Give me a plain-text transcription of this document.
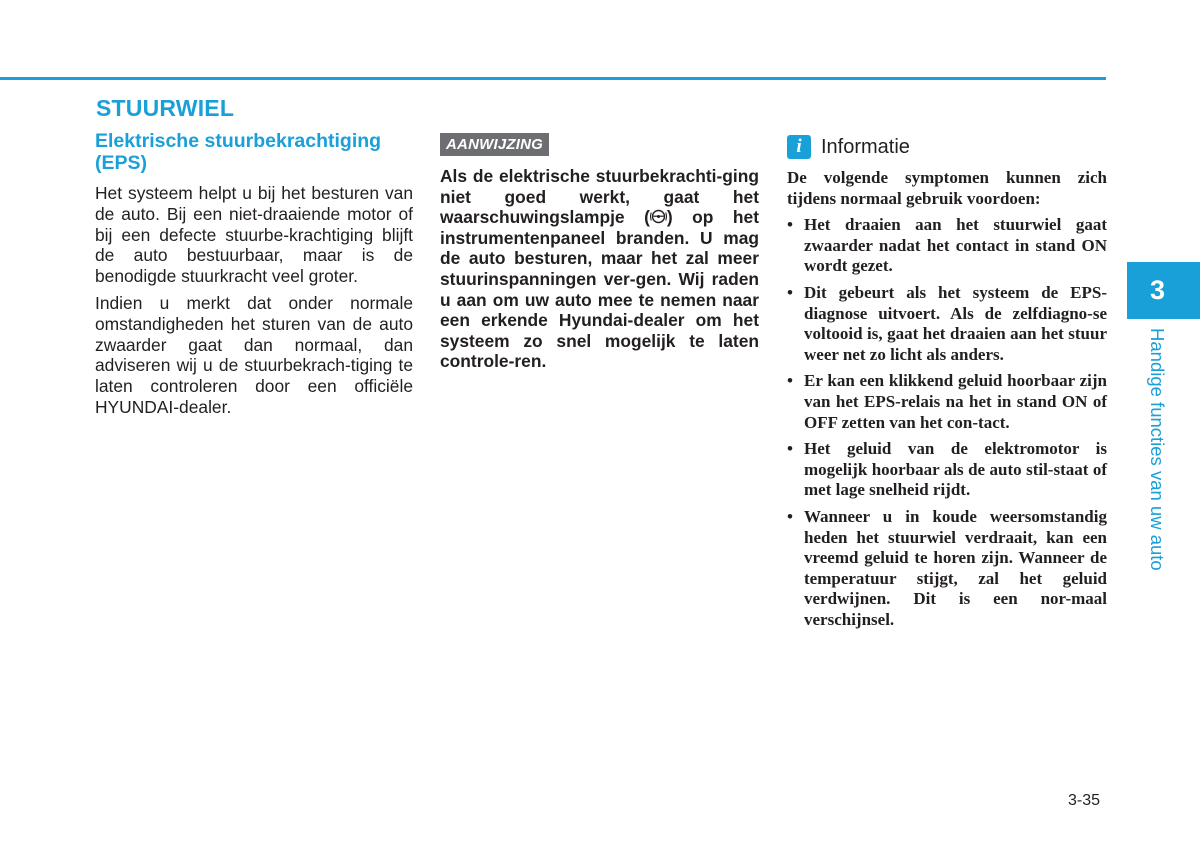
STUURWIEL
Elektrische stuurbekrachtiging (EPS)

Het systeem helpt u bij het besturen van de auto. Bij een niet-draaiende motor of bij een defecte stuurbe-krachtiging blijft de auto bestuurbaar, maar is de benodigde stuurkracht veel groter.

Indien u merkt dat onder normale omstandigheden het sturen van de auto zwaarder gaat dan normaal, dan adviseren wij u de stuurbekrach-tiging te laten controleren door een officiële HYUNDAI-dealer.

AANWIJZING

Als de elektrische stuurbekrachti-ging niet goed werkt, gaat het waarschuwingslampje ( ) op het instrumentenpaneel branden. U mag de auto besturen, maar het zal meer stuurinspanningen ver-gen. Wij raden u aan om uw auto mee te nemen naar een erkende Hyundai-dealer om het systeem zo snel mogelijk te laten controle-ren.

i Informatie

De volgende symptomen kunnen zich tijdens normaal gebruik voordoen:

• Het draaien aan het stuurwiel gaat zwaarder nadat het contact in stand ON wordt gezet.
• Dit gebeurt als het systeem de EPS-diagnose uitvoert. Als de zelfdiagno-se voltooid is, gaat het draaien aan het stuur weer net zo licht als anders.
• Er kan een klikkend geluid hoorbaar zijn van het EPS-relais na het in stand ON of OFF zetten van het con-tact.
• Het geluid van de elektromotor is mogelijk hoorbaar als de auto stil-staat of met lage snelheid rijdt.
• Wanneer u in koude weersomstandig heden het stuurwiel verdraait, kan een vreemd geluid te horen zijn. Wanneer de temperatuur stijgt, zal het geluid verdwijnen. Dit is een nor-maal verschijnsel.
3
Handige functies van uw auto
3-35
